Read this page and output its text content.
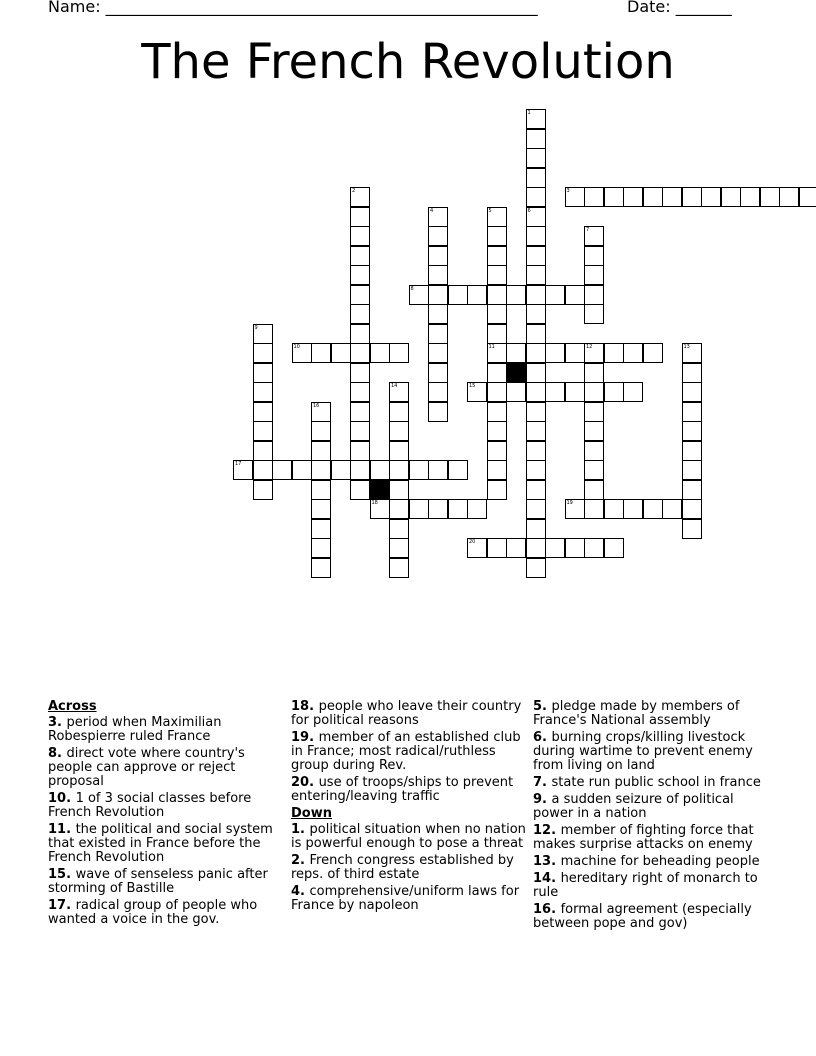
Name: ______________________________________________________	Date: _______
The French Revolution
1
6
2	3
4	5
11
7
8
9
10	12	13
14	15
16
17
18	19
20
Across
3. period when Maximilian Robespierre ruled France
8. direct vote where country's people can approve or reject proposal
10. 1 of 3 social classes before French Revolution
11. the political and social system that existed in France before the French Revolution
15. wave of senseless panic after storming of Bastille
17. radical group of people who wanted a voice in the gov.
18. people who leave their country for political reasons
19. member of an established club in France; most radical/ruthless group during Rev.
20. use of troops/ships to prevent entering/leaving traffic
Down
1. political situation when no nation is powerful enough to pose a threat
2. French congress established by reps. of third estate
4. comprehensive/uniform laws for France by napoleon
5. pledge made by members of France's National assembly
6. burning crops/killing livestock during wartime to prevent enemy from living on land
7. state run public school in france
9. a sudden seizure of political power in a nation
12. member of fighting force that makes surprise attacks on enemy
13. machine for beheading people
14. hereditary right of monarch to rule
16. formal agreement (especially between pope and gov)
